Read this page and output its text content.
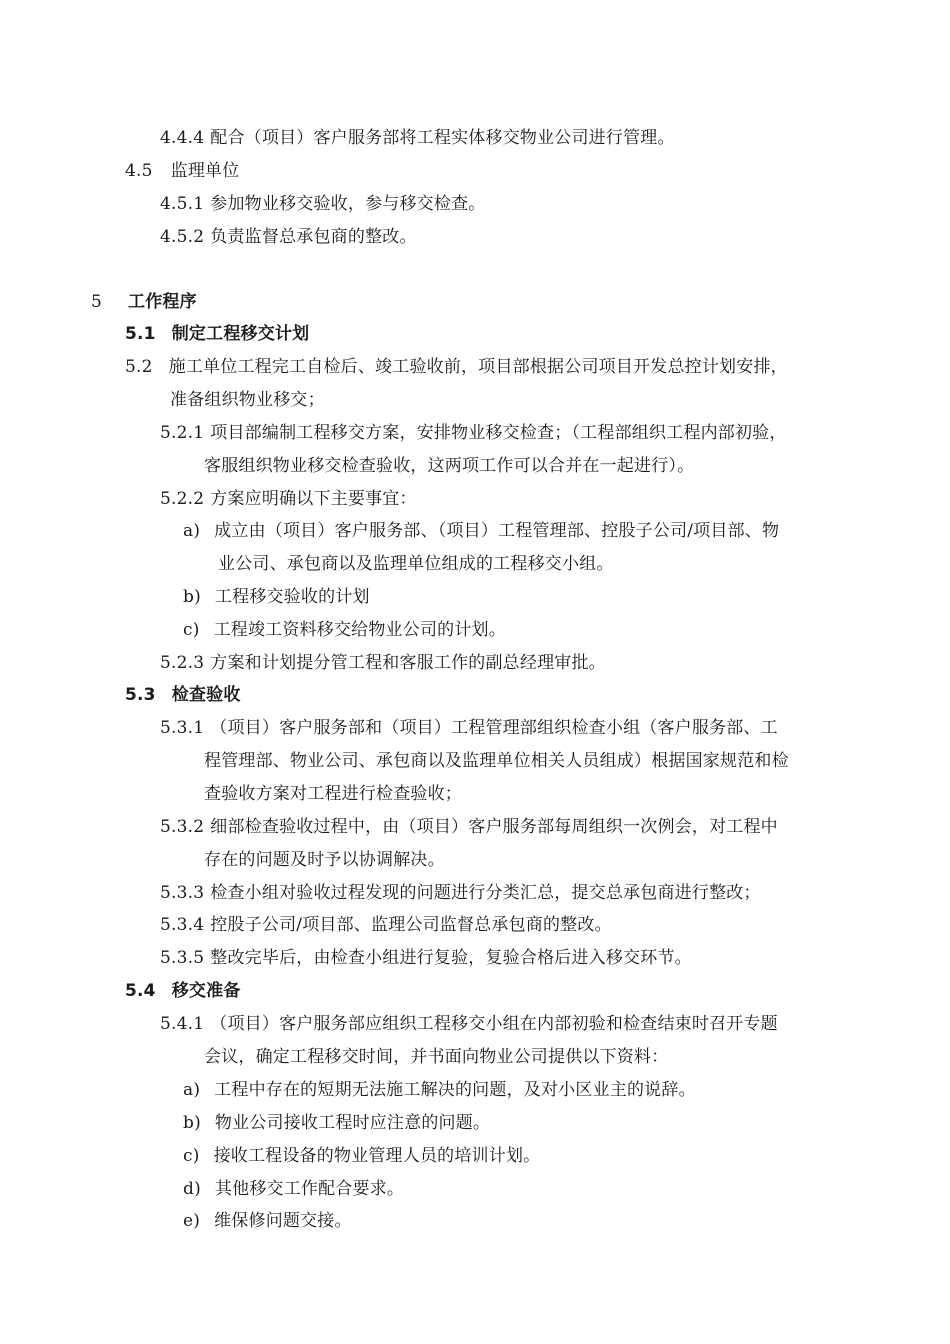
4.4.4 配合（项目）客户服务部将工程实体移交物业公司进行管理。
4.5 监理单位
4.5.1 参加物业移交验收，参与移交检查。
4.5.2 负责监督总承包商的整改。
5 工作程序
5.1 制定工程移交计划
5.2 施工单位工程完工自检后、竣工验收前，项目部根据公司项目开发总控计划安排，
准备组织物业移交；
5.2.1 项目部编制工程移交方案，安排物业移交检查；（工程部组织工程内部初验，
客服组织物业移交检查验收，这两项工作可以合并在一起进行）。
5.2.2 方案应明确以下主要事宜：
a) 成立由（项目）客户服务部、（项目）工程管理部、控股子公司/项目部、物
业公司、承包商以及监理单位组成的工程移交小组。
b) 工程移交验收的计划
c) 工程竣工资料移交给物业公司的计划。
5.2.3 方案和计划提分管工程和客服工作的副总经理审批。
5.3 检查验收
5.3.1 （项目）客户服务部和（项目）工程管理部组织检查小组（客户服务部、工
程管理部、物业公司、承包商以及监理单位相关人员组成）根据国家规范和检
查验收方案对工程进行检查验收；
5.3.2 细部检查验收过程中，由（项目）客户服务部每周组织一次例会，对工程中
存在的问题及时予以协调解决。
5.3.3 检查小组对验收过程发现的问题进行分类汇总，提交总承包商进行整改；
5.3.4 控股子公司/项目部、监理公司监督总承包商的整改。
5.3.5 整改完毕后，由检查小组进行复验，复验合格后进入移交环节。
5.4 移交准备
5.4.1 （项目）客户服务部应组织工程移交小组在内部初验和检查结束时召开专题
会议，确定工程移交时间，并书面向物业公司提供以下资料：
a) 工程中存在的短期无法施工解决的问题，及对小区业主的说辞。
b) 物业公司接收工程时应注意的问题。
c) 接收工程设备的物业管理人员的培训计划。
d) 其他移交工作配合要求。
e) 维保修问题交接。
